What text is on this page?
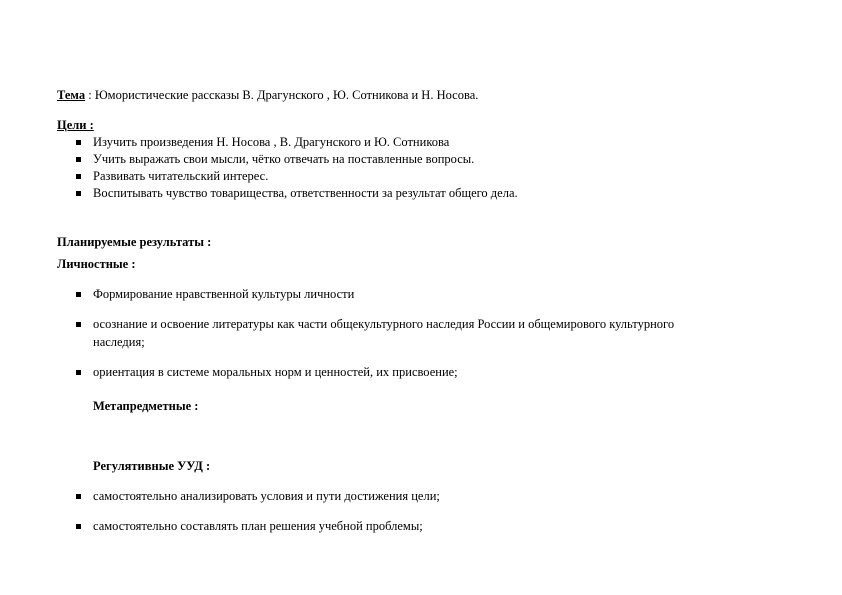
Тема : Юмористические рассказы В. Драгунского , Ю. Сотникова и Н. Носова.
Цели :
Изучить произведения Н. Носова , В. Драгунского и Ю. Сотникова
Учить выражать свои мысли, чётко отвечать на поставленные вопросы.
Развивать читательский интерес.
Воспитывать чувство товарищества, ответственности за результат общего дела.
Планируемые результаты :
Личностные :
Формирование нравственной культуры личности
осознание и освоение литературы как части общекультурного наследия России и общемирового культурного
наследия;
ориентация в системе моральных норм и ценностей, их присвоение;
Метапредметные :
Регулятивные УУД :
самостоятельно анализировать условия и пути достижения цели;
самостоятельно составлять план решения учебной проблемы;
